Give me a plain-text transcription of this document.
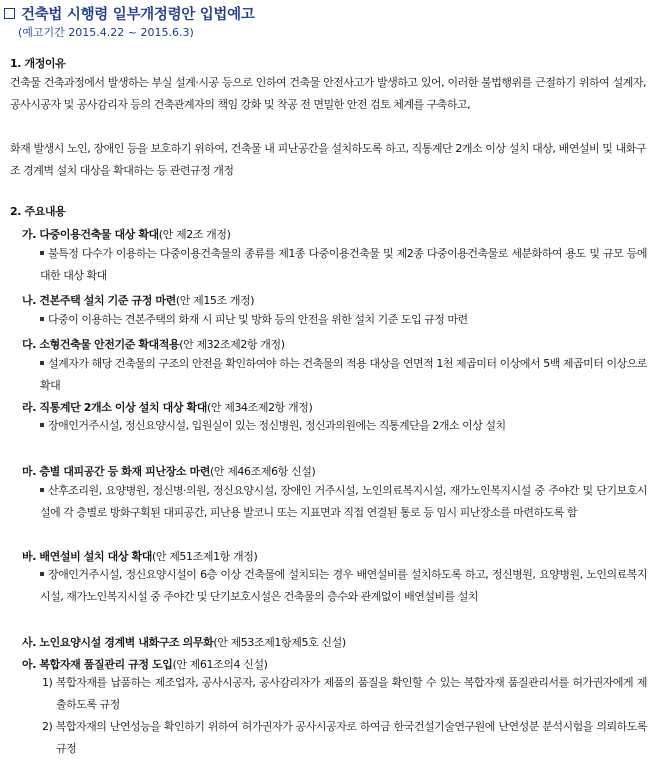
건축법 시행령 일부개정령안 입법예고
(예고기간 2015.4.22 ~ 2015.6.3)
1. 개정이유
건축물 건축과정에서 발생하는 부실 설계·시공 등으로 인하여 건축물 안전사고가 발생하고 있어, 이러한 불법행위를 근절하기 위하여 설계자, 공사시공자 및 공사감리자 등의 건축관계자의 책임 강화 및 착공 전 면밀한 안전 검토 체계를 구축하고,
화재 발생시 노인, 장애인 등을 보호하기 위하여, 건축물 내 피난공간을 설치하도록 하고, 직통계단 2개소 이상 설치 대상, 배연설비 및 내화구조 경계벽 설치 대상을 확대하는 등 관련규정 개정
2. 주요내용
가. 다중이용건축물 대상 확대(안 제2조 개정)
불특정 다수가 이용하는 다중이용건축물의 종류를 제1종 다중이용건축물 및 제2종 다중이용건축물로 세분화하여 용도 및 규모 등에 대한 대상 확대
나. 견본주택 설치 기준 규정 마련(안 제15조 개정)
다중이 이용하는 견본주택의 화재 시 피난 및 방화 등의 안전을 위한 설치 기준 도입 규정 마련
다. 소형건축물 안전기준 확대적용(안 제32조제2항 개정)
설계자가 해당 건축물의 구조의 안전을 확인하여야 하는 건축물의 적용 대상을 연면적 1천 제곱미터 이상에서 5백 제곱미터 이상으로 확대
라. 직통계단 2개소 이상 설치 대상 확대(안 제34조제2항 개정)
장애인거주시설, 정신요양시설, 입원실이 있는 정신병원, 정신과의원에는 직통계단을 2개소 이상 설치
마. 층별 대피공간 등 화재 피난장소 마련(안 제46조제6항 신설)
산후조리원, 요양병원, 정신병·의원, 정신요양시설, 장애인 거주시설, 노인의료복지시설, 재가노인복지시설 중 주야간 및 단기보호시설에 각 층별로 방화구획된 대피공간, 피난용 발코니 또는 지표면과 직접 연결된 통로 등 임시 피난장소를 마련하도록 함
바. 배연설비 설치 대상 확대(안 제51조제1항 개정)
장애인거주시설, 정신요양시설이 6층 이상 건축물에 설치되는 경우 배연설비를 설치하도록 하고, 정신병원, 요양병원, 노인의료복지시설, 재가노인복지시설 중 주야간 및 단기보호시설은 건축물의 층수와 관계없이 배연설비를 설치
사. 노인요양시설 경계벽 내화구조 의무화(안 제53조제1항제5호 신설)
아. 복합자재 품질관리 규정 도입(안 제61조의4 신설)
1) 복합자재를 납품하는 제조업자, 공사시공자, 공사감리자가 제품의 품질을 확인할 수 있는 복합자재 품질관리서를 허가권자에게 제출하도록 규정
2) 복합자재의 난연성능을 확인하기 위하여 허가권자가 공사시공자로 하여금 한국건설기술연구원에 난연성분 분석시험을 의뢰하도록 규정
